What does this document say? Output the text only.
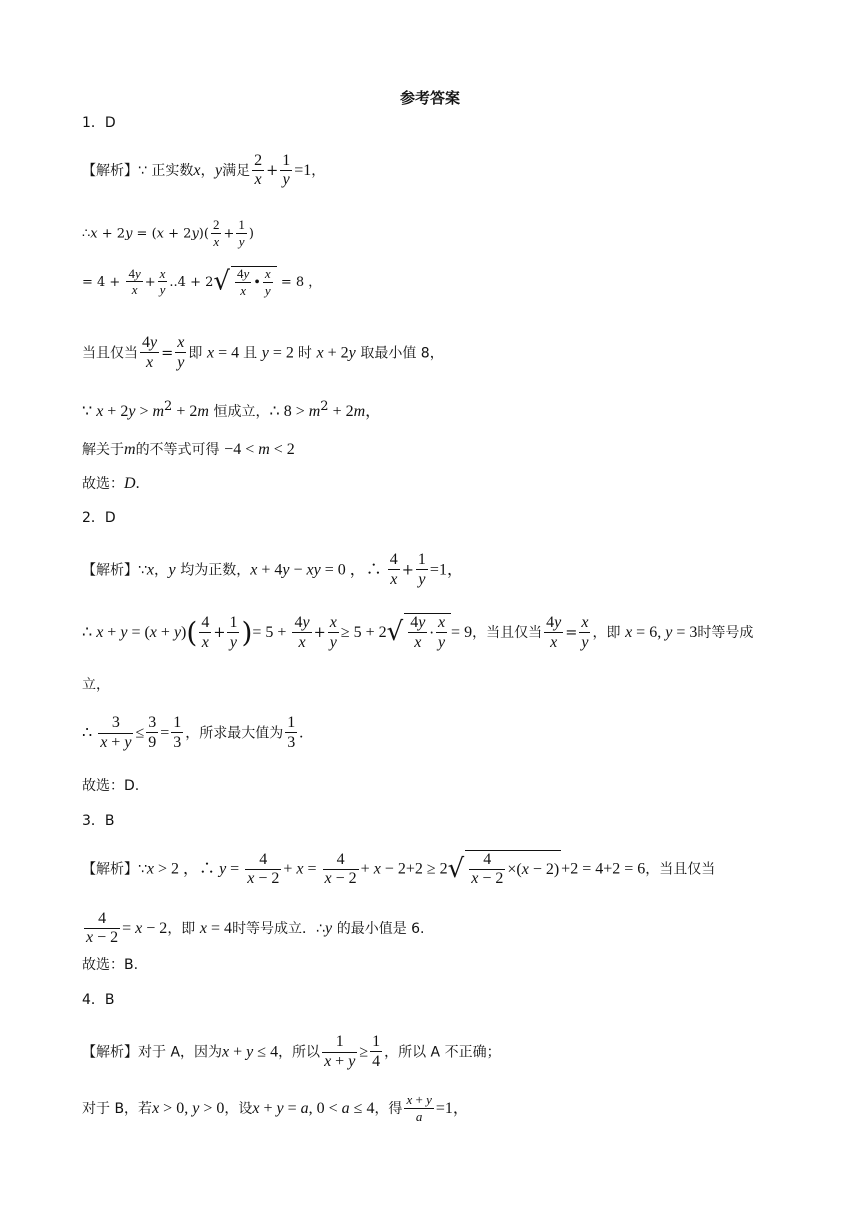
参考答案
1．D
【解析】∵ 正实数x，y满足 $\frac{2}{x} + \frac{1}{y} =1$，
∴x + $2y = (x + 2y)( \frac{2}{x} + \frac{1}{y}$ )
= $4 + \frac{4y}{x} + \frac{x}{y} ..4 + 2√ \frac{4y}{x}$ • $\frac{x}{y} = 8$ ，
当且仅当 $\frac{4y}{x} = \frac{x}{y}$ 即 x = 4 且 y = 2 时 x + 2y 取最小值 8，
∵ $x + 2y > m^2 + 2m$ 恒成立，∴ $8 > m^2 + 2m$，
解关于m的不等式可得 −4 < m < 2
故选：D.
2．D
【解析】∵x，y 均为正数，x + 4y − xy = 0 ，∴ $\frac{4}{x} + \frac{1}{y} =1$，
∴ $x + y = (x + y)( \frac{4}{x} + \frac{1}{y})= 5 + \frac{4y}{x} + \frac{x}{y} \ge 5 + 2√ \frac{4y}{x} \cdot \frac{x}{y} = 9$，当且仅当 $\frac{4y}{x} = \frac{x}{y}$ ，即 x = 6, y = 3时等号成
立，
∴ $\frac{3}{x + y}$ ≤
3
9=
1
3，所求最大值为
1
3.
故选：D.
3．B
【解析】∵x > 2 ，∴ $y = \frac{4}{x - 2} + x = \frac{4}{x - 2} + x - 2+2 \ge 2√ \frac{4}{x - 2} \times(x - 2) +2 = 4+2 = 6$，当且仅当
$\frac{4}{x - 2} = x - 2$，即 x = 4时等号成立．∴y 的最小值是 6.
故选：B.
4．B
【解析】对于 A，因为x + y ≤ 4，所以 $\frac{1}{x + y}$ ≥
1
4，所以 A 不正确；
对于 B，若x > 0, y > 0，设x + y = a, 0 < a ≤ 4，得 $\frac{x + y}{a} =1$，
